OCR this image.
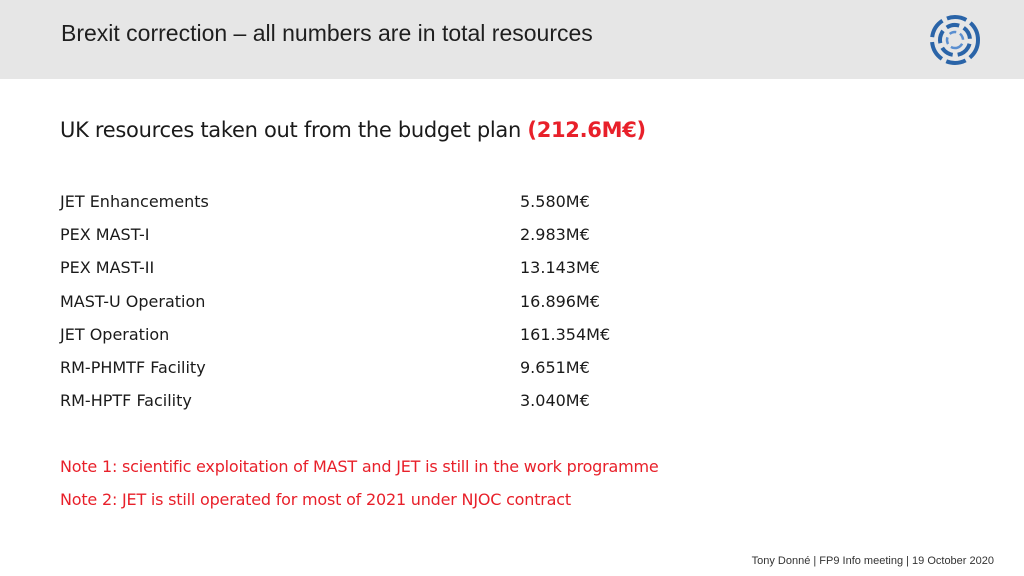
Brexit correction – all numbers are in total resources
UK resources taken out from the budget plan (212.6M€)
JET Enhancements	5.580M€
PEX MAST-I	2.983M€
PEX MAST-II	13.143M€
MAST-U Operation	16.896M€
JET Operation	161.354M€
RM-PHMTF Facility	9.651M€
RM-HPTF Facility	3.040M€
Note 1: scientific exploitation of MAST and JET is still in the work programme
Note 2: JET is still operated for most of 2021 under NJOC contract
Tony Donné | FP9 Info meeting | 19 October 2020
